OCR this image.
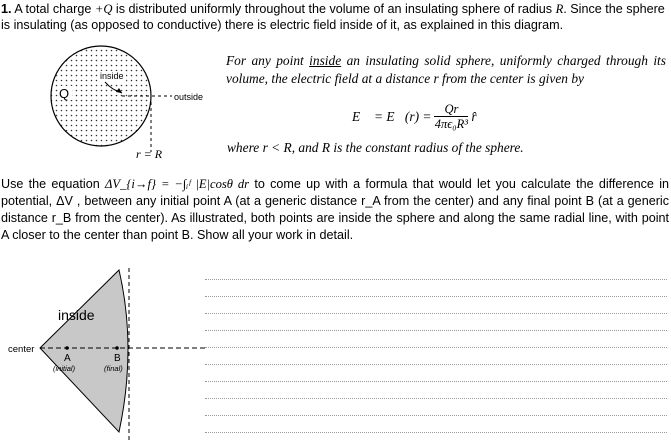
1. A total charge +Q is distributed uniformly throughout the volume of an insulating sphere of radius R. Since the sphere is insulating (as opposed to conductive) there is electric field inside of it, as explained in this diagram.
Q
inside
outside
r = R
For any point inside an insulating solid sphere, uniformly charged through its volume, the electric field at a distance r from the center is given by
E⃗ = E⃗(r) = $\frac{Qr}{\text{4πϵ₀R³}}$ r̂
where r < R, and R is the constant radius of the sphere.
Use the equation ΔV_{i→f} = −∫ᵢᶠ |E|cosθ dr to come up with a formula that would let you calculate the difference in potential, ΔV , between any initial point A (at a generic distance r_A from the center) and any final point B (at a generic distance r_B from the center). As illustrated, both points are inside the sphere and along the same radial line, with point A closer to the center than point B. Show all your work in detail.
inside
center
A
(initial)
B
(final)
